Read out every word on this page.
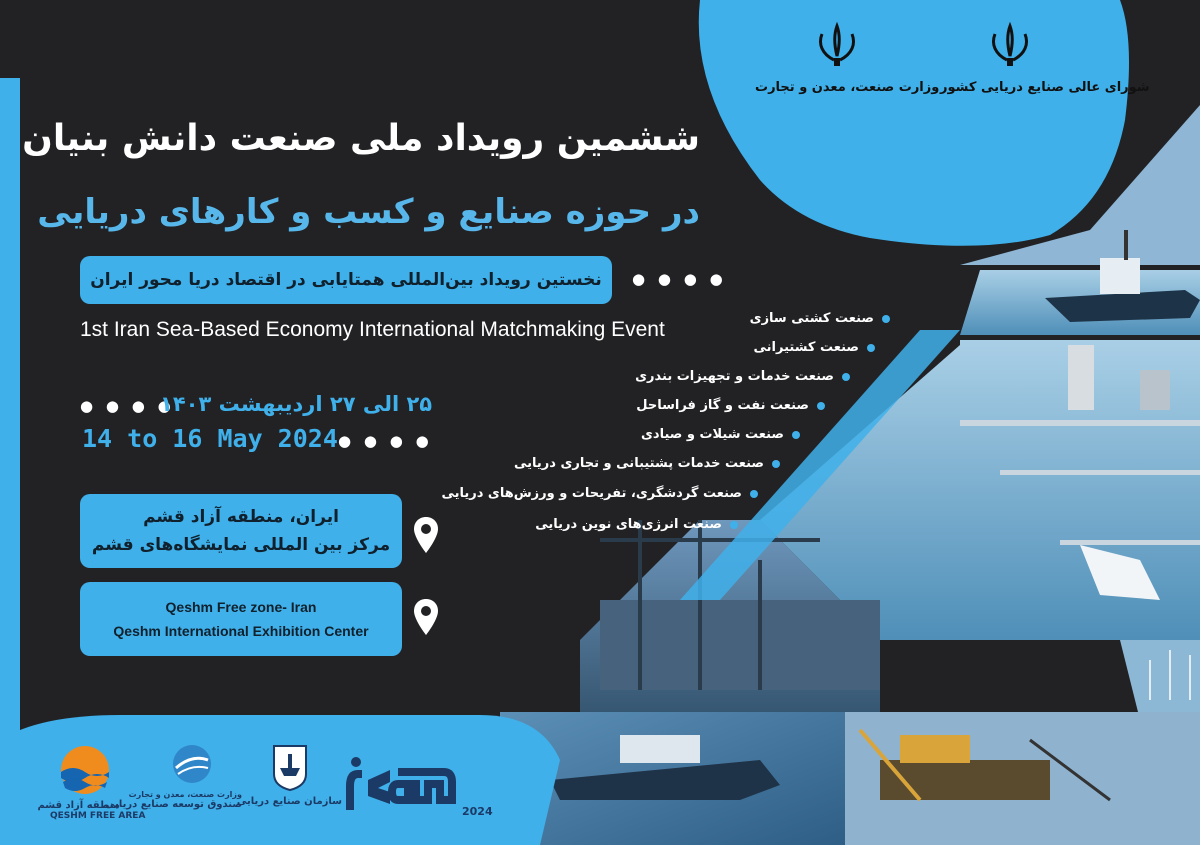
شورای عالی صنایع دریایی کشور
وزارت صنعت، معدن و تجارت
ششمین رویداد ملی صنعت دانش بنیان
در حوزه صنایع و کسب و کارهای دریایی
نخستین رویداد بین‌المللی همتایابی در اقتصاد دریا محور ایران	● ● ● ●
1st Iran Sea-Based Economy International Matchmaking Event
● ● ● ●
۲۵ الی ۲۷ اردیبهشت ۱۴۰۳
14 to 16 May 2024 ● ● ● ●
ایران، منطقه آزاد قشم
مرکز بین المللی نمایشگاه‌های قشم
Qeshm Free zone- Iran
Qeshm International Exhibition Center
صنعت کشتی سازی
صنعت کشتیرانی
صنعت خدمات و تجهیزات بندری
صنعت نفت و گاز فراساحل
صنعت شیلات و صیادی
صنعت خدمات پشتیبانی و تجاری دریایی
صنعت گردشگری، تفریحات و ورزش‌های دریایی
صنعت انرژی‌های نوین دریایی
منطقه آزاد قشم
QESHM FREE AREA
وزارت صنعت، معدن و تجارت
صندوق توسعه صنایع دریایی
سازمان صنایع دریایی
2024
